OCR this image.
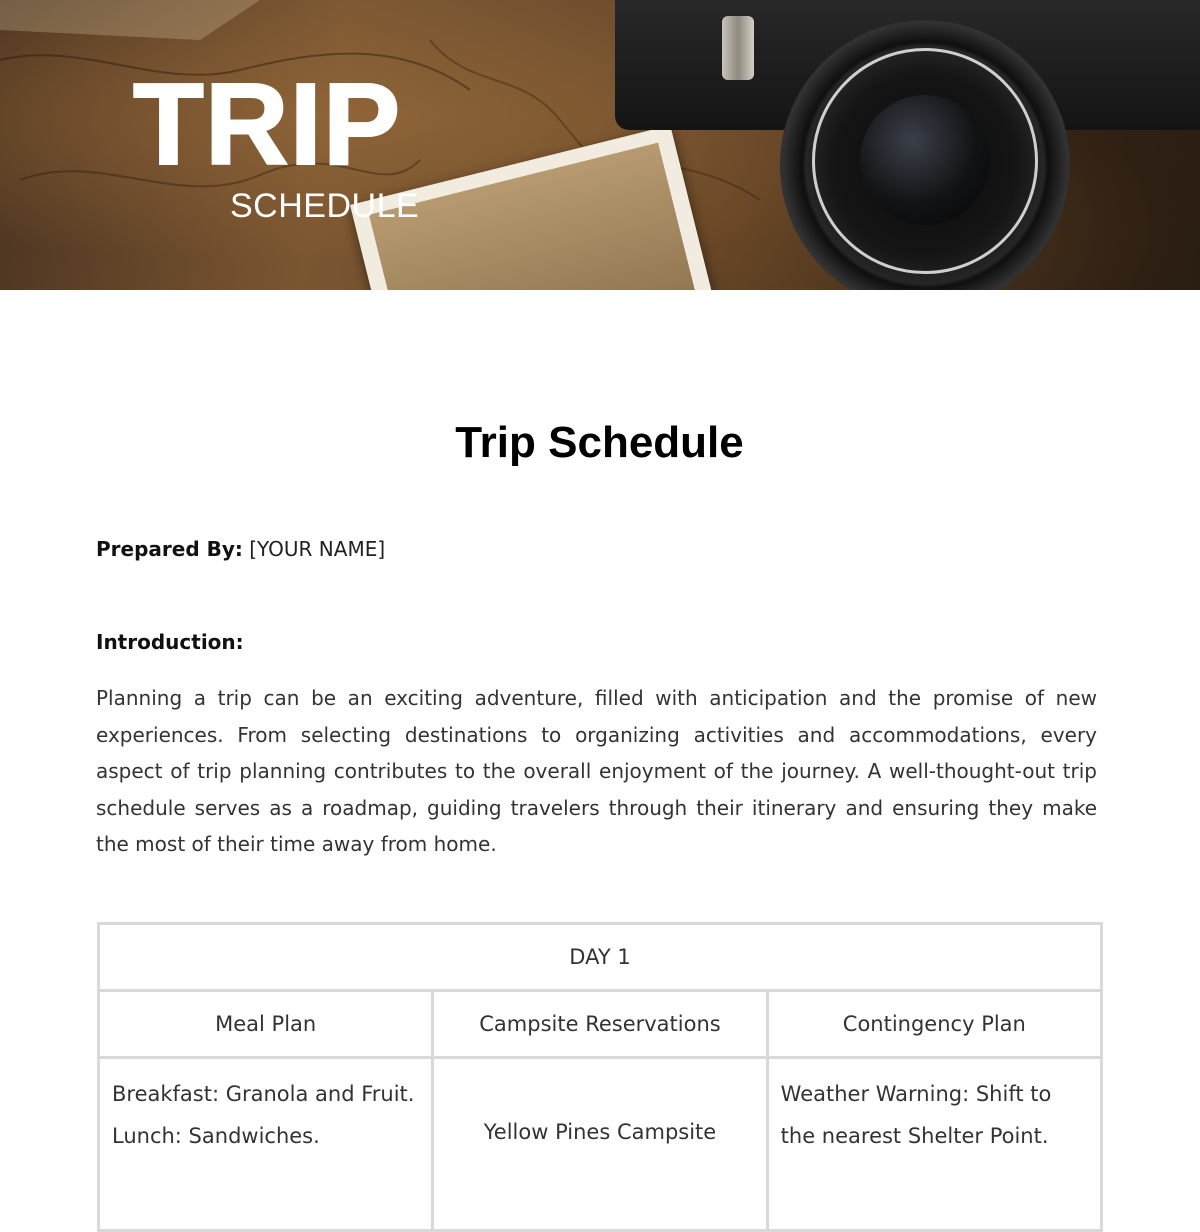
TRIP
SCHEDULE
Trip Schedule
Prepared By: [YOUR NAME]
Introduction:

Planning a trip can be an exciting adventure, filled with anticipation and the promise of new experiences. From selecting destinations to organizing activities and accommodations, every aspect of trip planning contributes to the overall enjoyment of the journey. A well-thought-out trip schedule serves as a roadmap, guiding travelers through their itinerary and ensuring they make the most of their time away from home.

DAY 1		
Meal Plan	Campsite Reservations	Contingency Plan

Breakfast: Granola and Fruit.
Lunch: Sandwiches.	Yellow Pines Campsite	Weather Warning: Shift to the nearest Shelter Point.
